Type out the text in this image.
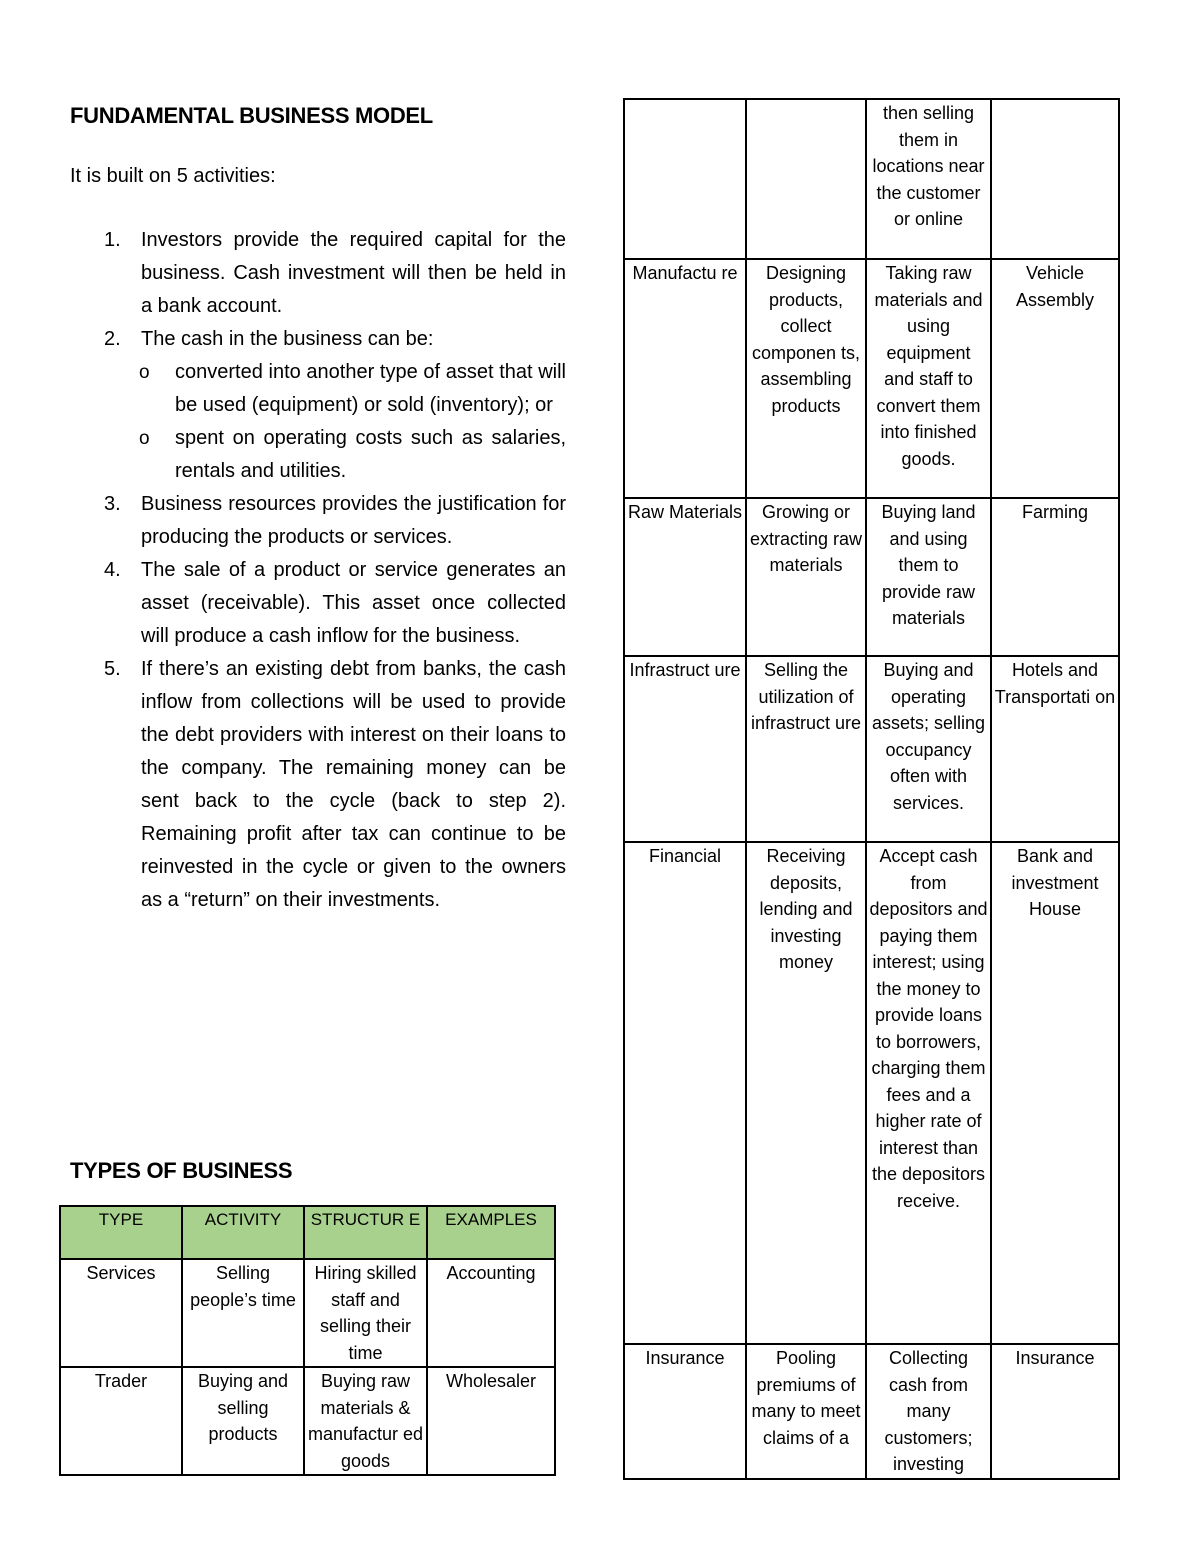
FUNDAMENTAL BUSINESS MODEL
It is built on 5 activities:
1. Investors provide the required capital for the business. Cash investment will then be held in a bank account.
2. The cash in the business can be:
o converted into another type of asset that will be used (equipment) or sold (inventory); or
o spent on operating costs such as salaries, rentals and utilities.
3. Business resources provides the justification for producing the products or services.
4. The sale of a product or service generates an asset (receivable). This asset once collected will produce a cash inflow for the business.
5. If there’s an existing debt from banks, the cash inflow from collections will be used to provide the debt providers with interest on their loans to the company. The remaining money can be sent back to the cycle (back to step 2). Remaining profit after tax can continue to be reinvested in the cycle or given to the owners as a “return” on their investments.
TYPES OF BUSINESS
TYPE	ACTIVITY	STRUCTUR E	EXAMPLES
Services	Selling people’s time	Hiring skilled staff and selling their time	Accounting
Trader	Buying and selling products	Buying raw materials & manufactur ed goods	Wholesaler
		then selling them in locations near the customer or online	
Manufactu re	Designing products, collect componen ts, assembling products	Taking raw materials and using equipment and staff to convert them into finished goods.	Vehicle Assembly
Raw Materials	Growing or extracting raw materials	Buying land and using them to provide raw materials	Farming
Infrastruct ure	Selling the utilization of infrastruct ure	Buying and operating assets; selling occupancy often with services.	Hotels and Transportati on
Financial	Receiving deposits, lending and investing money	Accept cash from depositors and paying them interest; using the money to provide loans to borrowers, charging them fees and a higher rate of interest than the depositors receive.	Bank and investment House
Insurance	Pooling premiums of many to meet claims of a	Collecting cash from many customers; investing	Insurance
